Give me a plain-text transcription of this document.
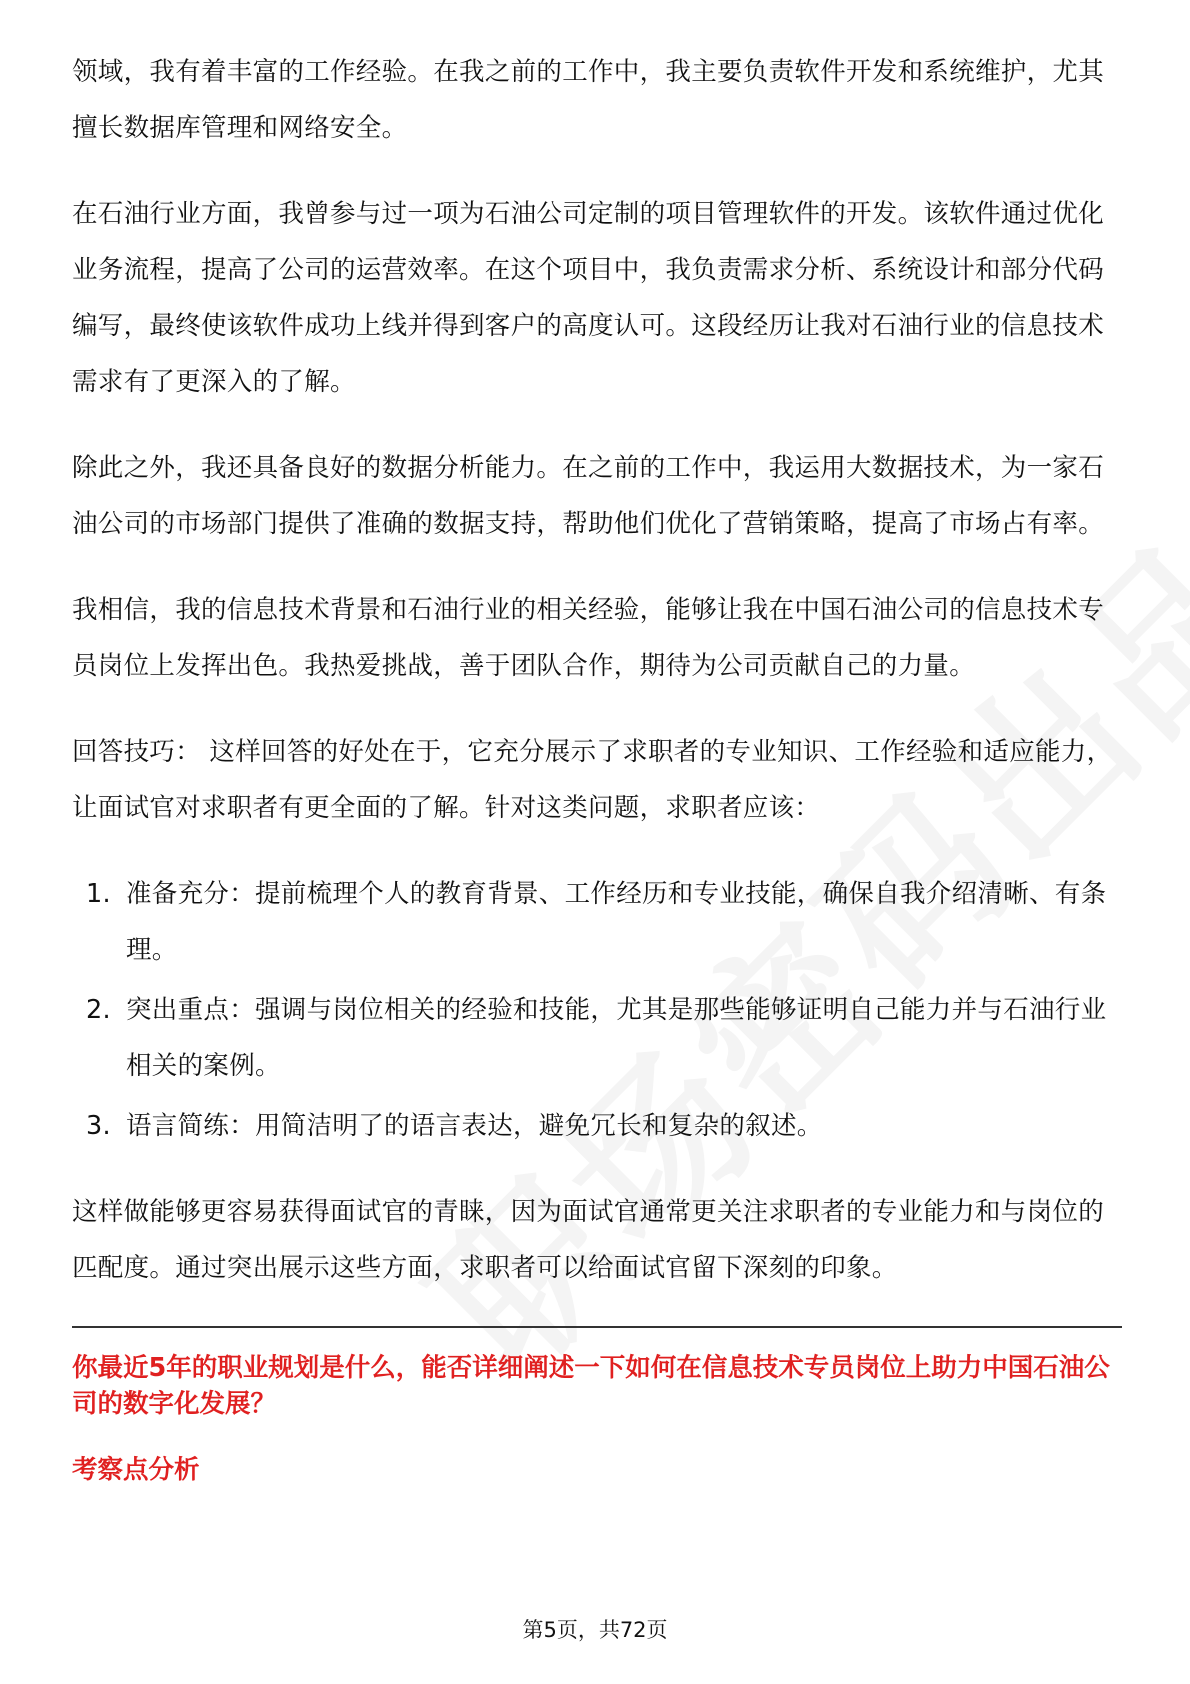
领域，我有着丰富的工作经验。在我之前的工作中，我主要负责软件开发和系统维护，尤其擅长数据库管理和网络安全。

在石油行业方面，我曾参与过一项为石油公司定制的项目管理软件的开发。该软件通过优化业务流程，提高了公司的运营效率。在这个项目中，我负责需求分析、系统设计和部分代码编写，最终使该软件成功上线并得到客户的高度认可。这段经历让我对石油行业的信息技术需求有了更深入的了解。

除此之外，我还具备良好的数据分析能力。在之前的工作中，我运用大数据技术，为一家石油公司的市场部门提供了准确的数据支持，帮助他们优化了营销策略，提高了市场占有率。

我相信，我的信息技术背景和石油行业的相关经验，能够让我在中国石油公司的信息技术专员岗位上发挥出色。我热爱挑战，善于团队合作，期待为公司贡献自己的力量。

回答技巧： 这样回答的好处在于，它充分展示了求职者的专业知识、工作经验和适应能力，让面试官对求职者有更全面的了解。针对这类问题，求职者应该：

1. 准备充分：提前梳理个人的教育背景、工作经历和专业技能，确保自我介绍清晰、有条理。
2. 突出重点：强调与岗位相关的经验和技能，尤其是那些能够证明自己能力并与石油行业相关的案例。
3. 语言简练：用简洁明了的语言表达，避免冗长和复杂的叙述。

这样做能够更容易获得面试官的青睐，因为面试官通常更关注求职者的专业能力和与岗位的匹配度。通过突出展示这些方面，求职者可以给面试官留下深刻的印象。

你最近5年的职业规划是什么，能否详细阐述一下如何在信息技术专员岗位上助力中国石油公司的数字化发展？
考察点分析
第5页，共72页
